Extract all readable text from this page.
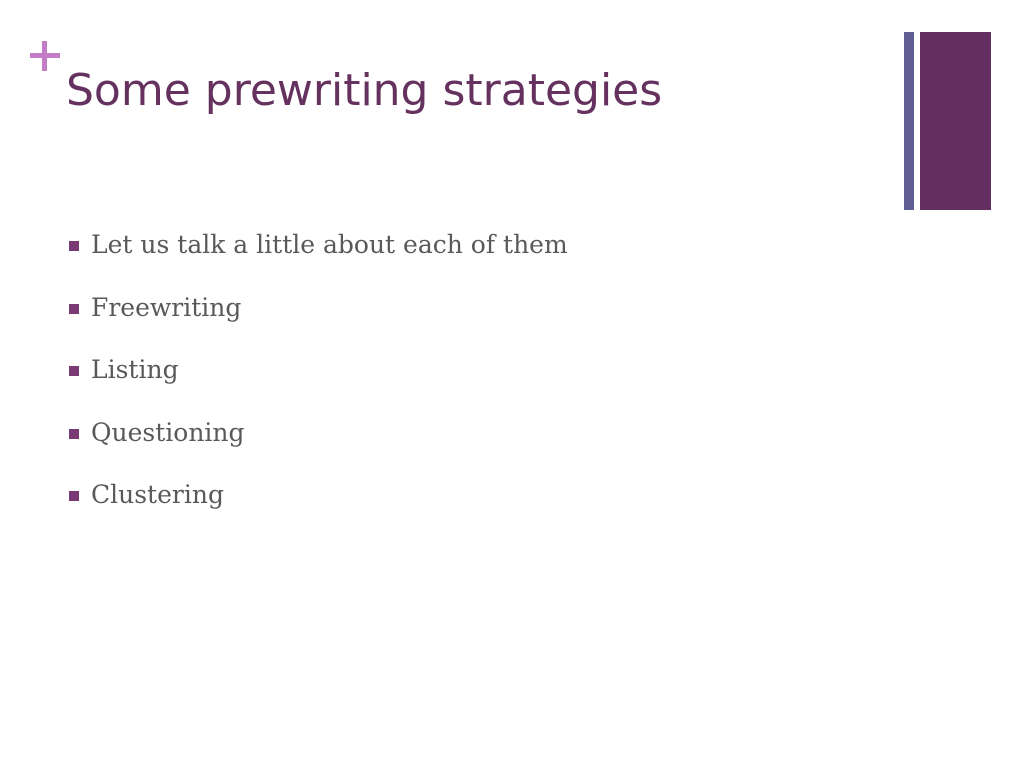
Some prewriting strategies
Let us talk a little about each of them
Freewriting
Listing
Questioning
Clustering
